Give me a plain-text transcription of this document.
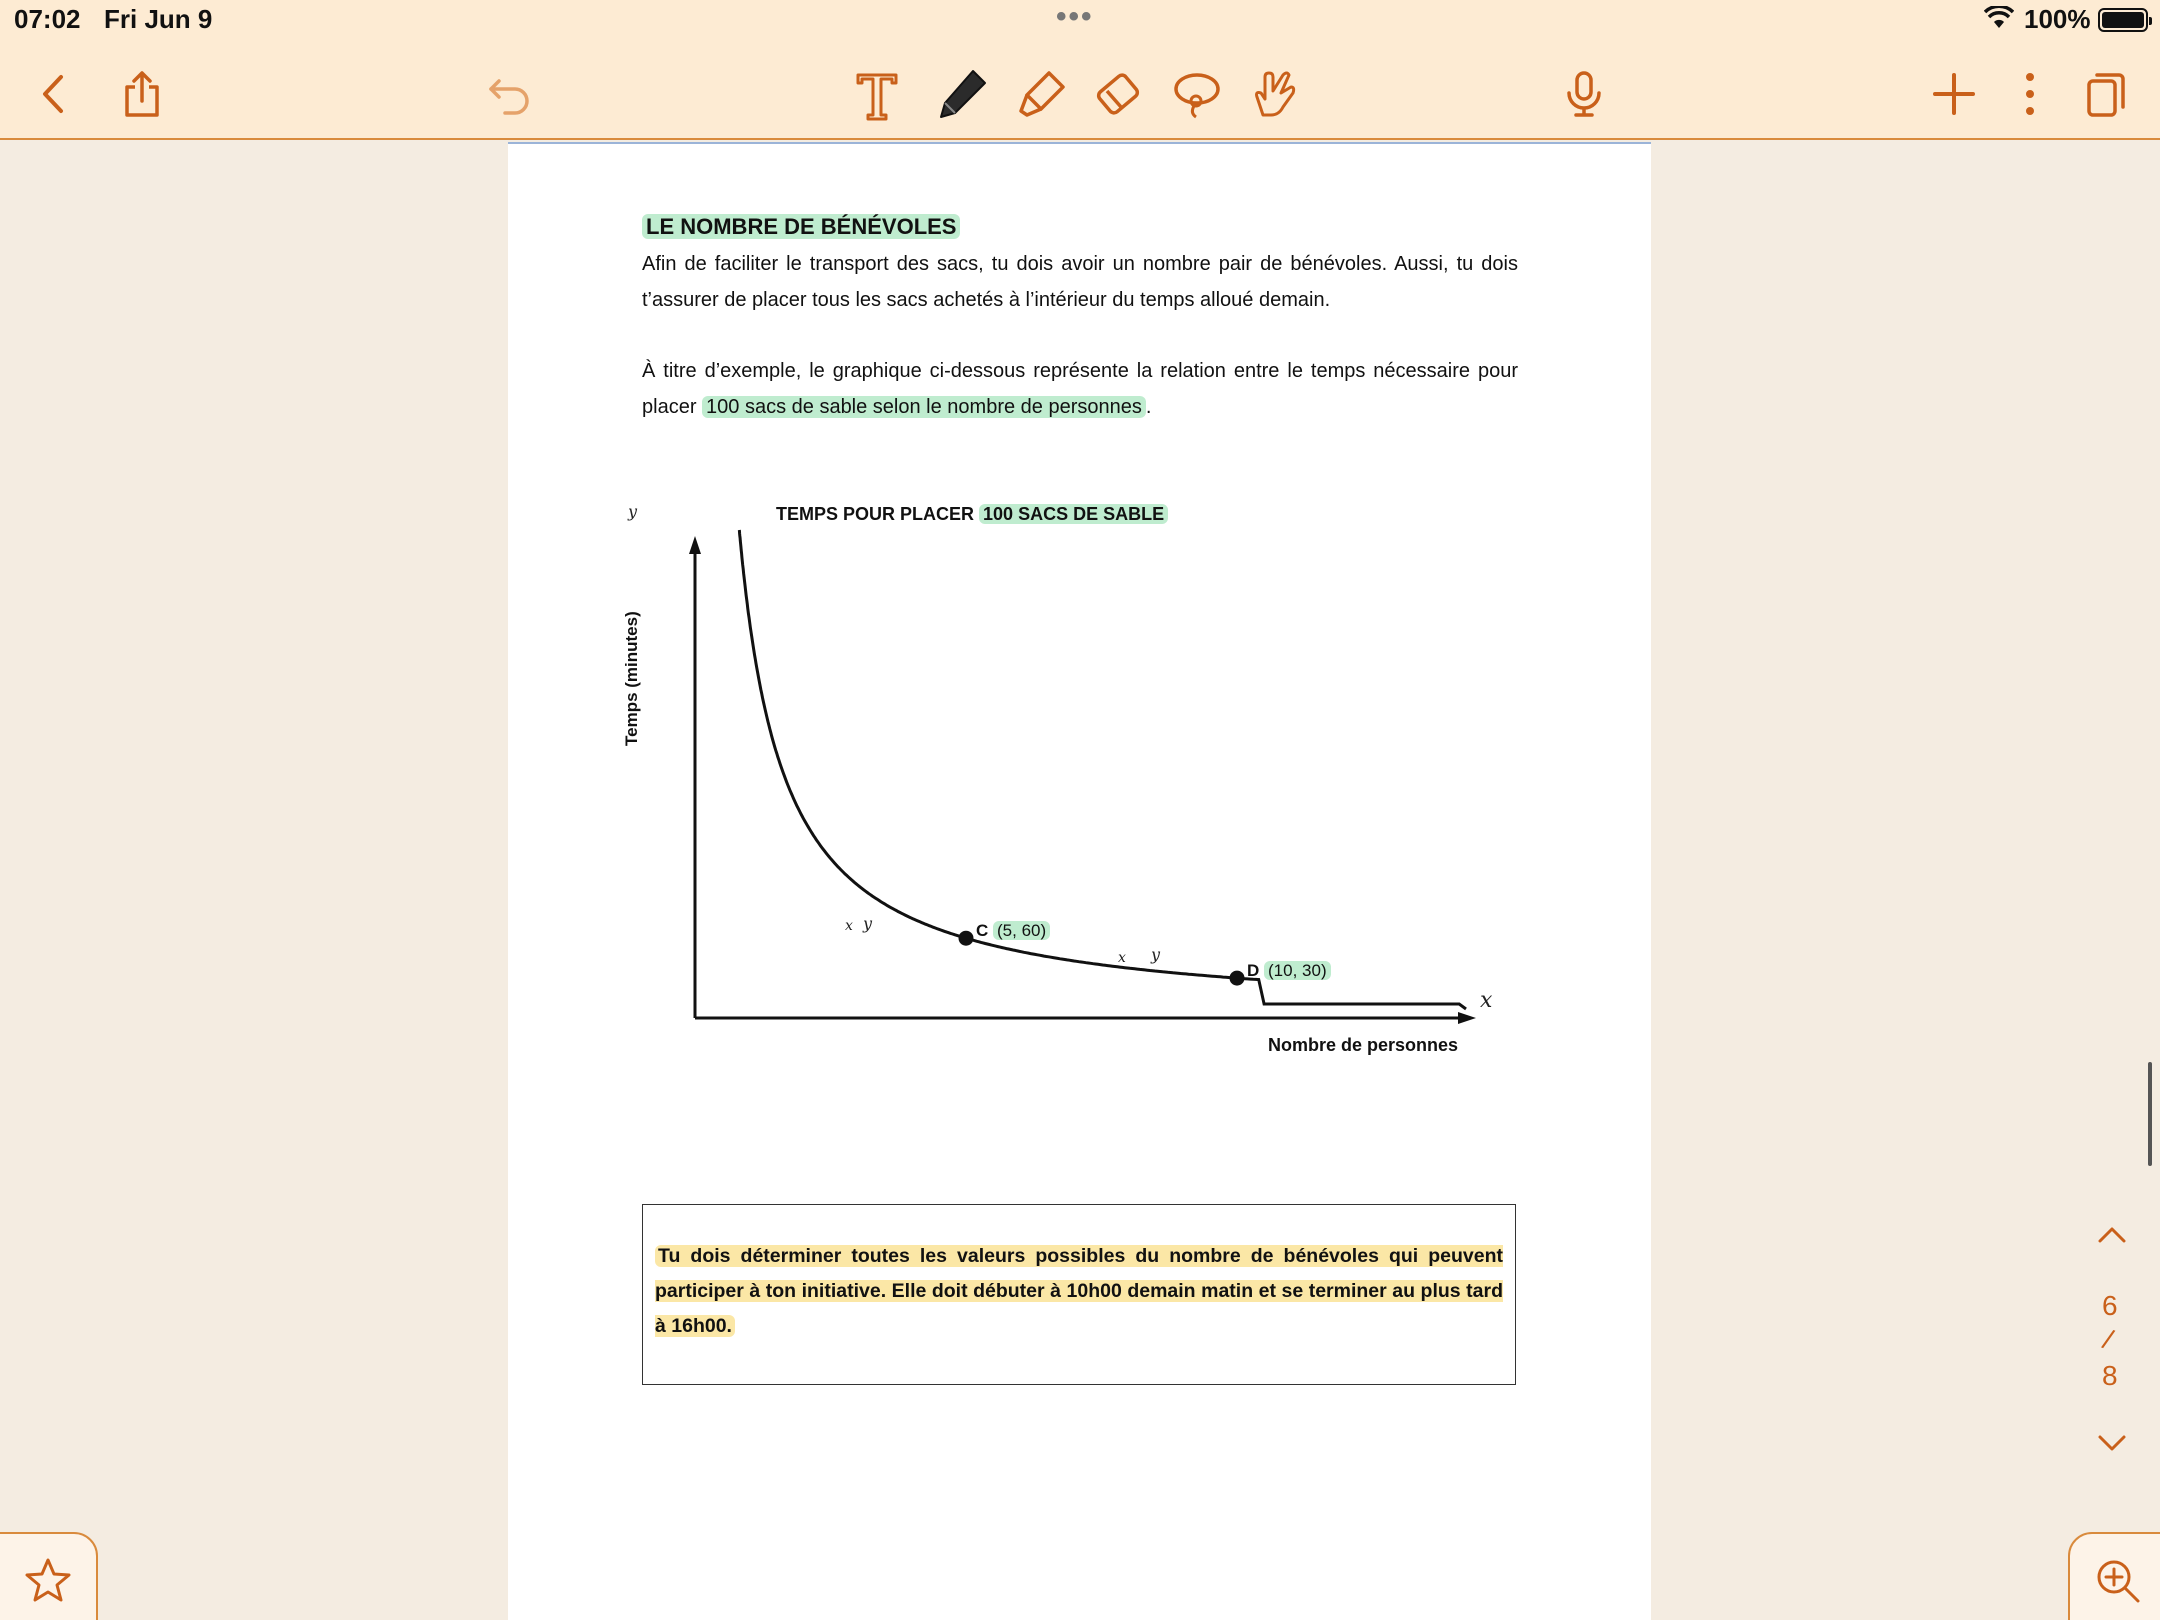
07:02 Fri Jun 9	•••	100%
LE NOMBRE DE BÉNÉVOLES
Afin de faciliter le transport des sacs, tu dois avoir un nombre pair de bénévoles. Aussi, tu dois t’assurer de placer tous les sacs achetés à l’intérieur du temps alloué demain.
À titre d’exemple, le graphique ci-dessous représente la relation entre le temps nécessaire pour placer 100 sacs de sable selon le nombre de personnes .
TEMPS POUR PLACER 100 SACS DE SABLE
Temps (minutes)
Nombre de personnes
C (5, 60)
D (10, 30)
y
x
x y
x y
Tu dois déterminer toutes les valeurs possibles du nombre de bénévoles qui peuvent participer à ton initiative. Elle doit débuter à 10h00 demain matin et se terminer au plus tard à 16h00.
6
/
8
